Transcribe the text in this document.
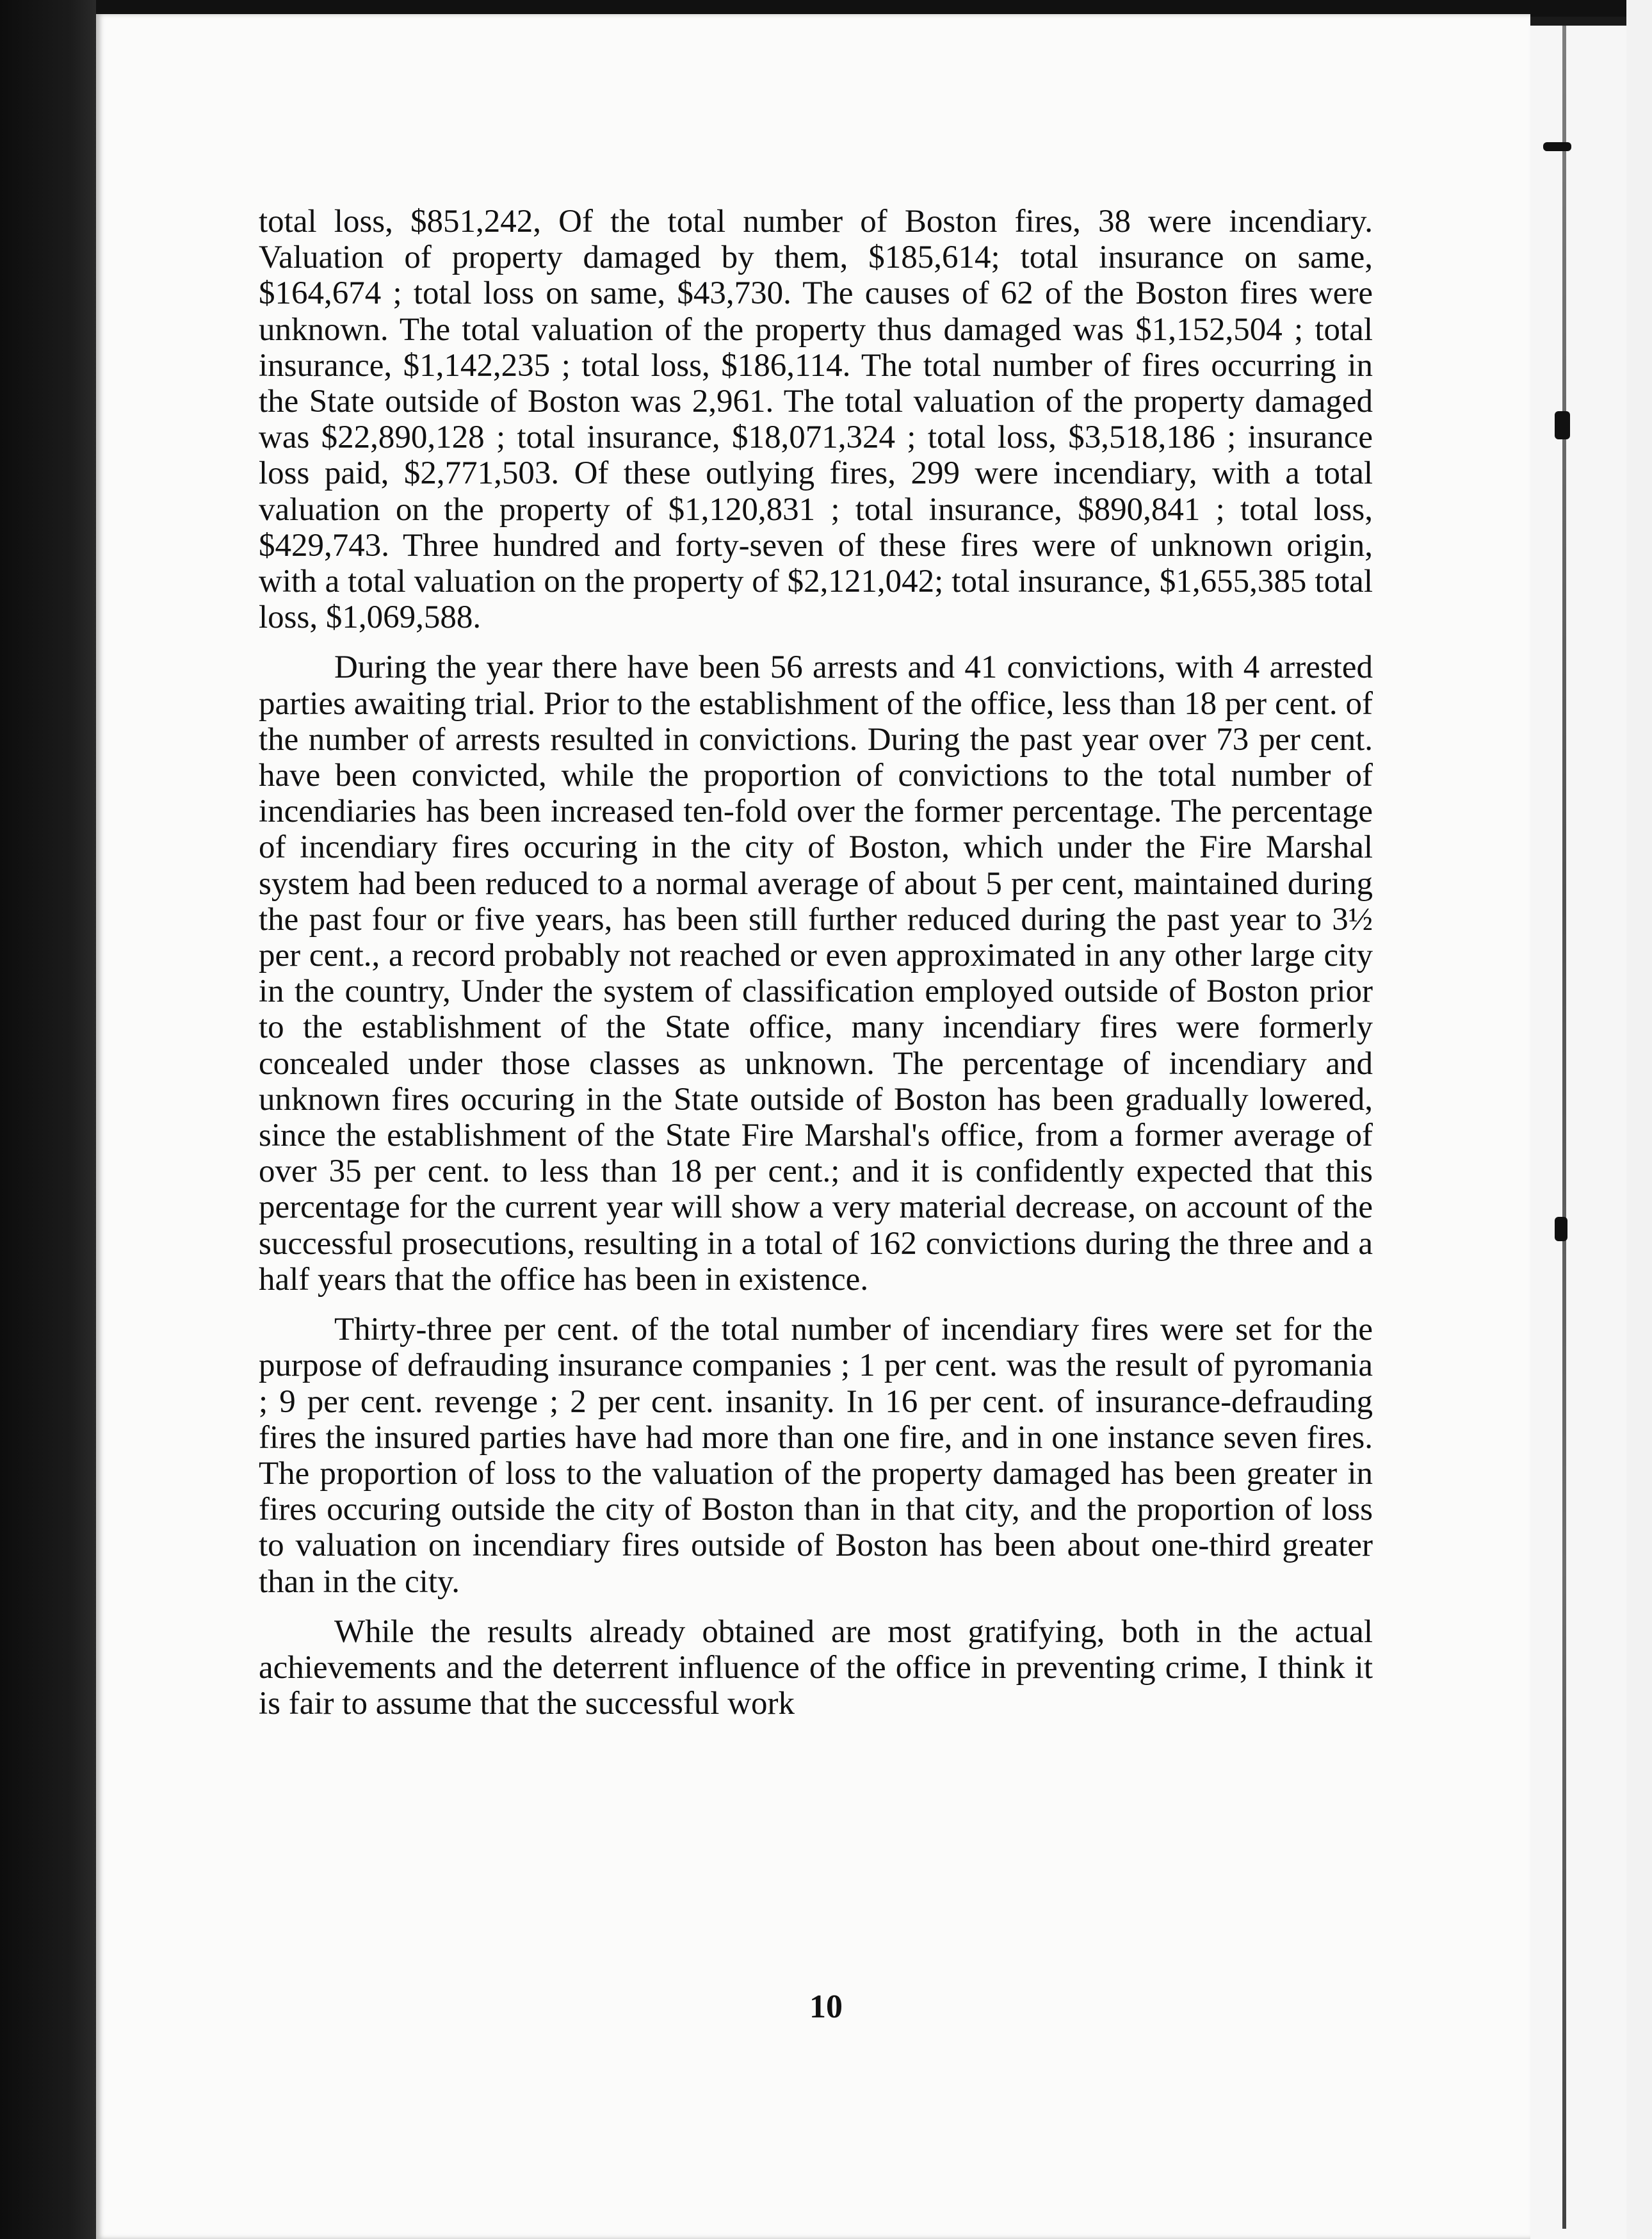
total loss, $851,242, Of the total number of Boston fires, 38 were incendiary. Valuation of property damaged by them, $185,614; total insurance on same, $164,674 ; total loss on same, $43,730. The causes of 62 of the Boston fires were unknown. The total valuation of the property thus damaged was $1,152,504 ; total insurance, $1,142,235 ; total loss, $186,114. The total number of fires occurring in the State outside of Boston was 2,961. The total valuation of the property damaged was $22,890,128 ; total insurance, $18,071,324 ; total loss, $3,518,186 ; insurance loss paid, $2,771,503. Of these outlying fires, 299 were incendiary, with a total valuation on the property of $1,120,831 ; total insurance, $890,841 ; total loss, $429,743. Three hundred and forty-seven of these fires were of unknown origin, with a total valuation on the property of $2,121,042; total insurance, $1,655,385 total loss, $1,069,588.

During the year there have been 56 arrests and 41 convictions, with 4 arrested parties awaiting trial. Prior to the establishment of the office, less than 18 per cent. of the number of arrests resulted in convictions. During the past year over 73 per cent. have been convicted, while the proportion of convictions to the total number of incendiaries has been increased ten-fold over the former percentage. The percentage of incendiary fires occuring in the city of Boston, which under the Fire Marshal system had been reduced to a normal average of about 5 per cent, maintained during the past four or five years, has been still further reduced during the past year to 3½ per cent., a record probably not reached or even approximated in any other large city in the country, Under the system of classification employed outside of Boston prior to the establishment of the State office, many incendiary fires were formerly concealed under those classes as unknown. The percentage of incendiary and unknown fires occuring in the State outside of Boston has been gradually lowered, since the establishment of the State Fire Marshal's office, from a former average of over 35 per cent. to less than 18 per cent.; and it is confidently expected that this percentage for the current year will show a very material decrease, on account of the successful prosecutions, resulting in a total of 162 convictions during the three and a half years that the office has been in existence.

Thirty-three per cent. of the total number of incendiary fires were set for the purpose of defrauding insurance companies ; 1 per cent. was the result of pyromania ; 9 per cent. revenge ; 2 per cent. insanity. In 16 per cent. of insurance-defrauding fires the insured parties have had more than one fire, and in one instance seven fires. The proportion of loss to the valuation of the property damaged has been greater in fires occuring outside the city of Boston than in that city, and the proportion of loss to valuation on incendiary fires outside of Boston has been about one-third greater than in the city.

While the results already obtained are most gratifying, both in the actual achievements and the deterrent influence of the office in preventing crime, I think it is fair to assume that the successful work

10
